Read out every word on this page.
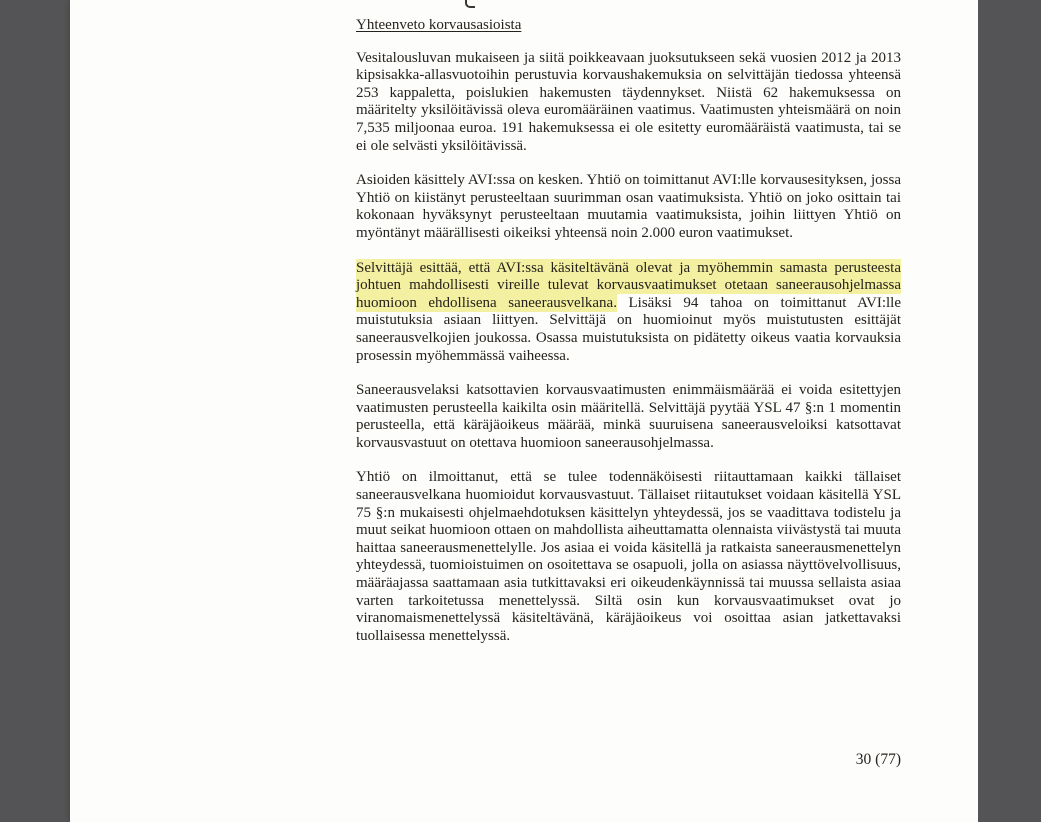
Yhteenveto korvausasioista

Vesitalousluvan mukaiseen ja siitä poikkeavaan juoksutukseen sekä vuosien 2012 ja 2013 kipsisakka-allasvuotoihin perustuvia korvaushakemuksia on selvittäjän tiedossa yhteensä 253 kappaletta, poislukien hakemusten täydennykset. Niistä 62 hakemuksessa on määritelty yksilöitävissä oleva euromääräinen vaatimus. Vaatimusten yhteismäärä on noin 7,535 miljoonaa euroa. 191 hakemuksessa ei ole esitetty euromääräistä vaatimusta, tai se ei ole selvästi yksilöitävissä.

Asioiden käsittely AVI:ssa on kesken. Yhtiö on toimittanut AVI:lle korvausesityksen, jossa Yhtiö on kiistänyt perusteeltaan suurimman osan vaatimuksista. Yhtiö on joko osittain tai kokonaan hyväksynyt perusteeltaan muutamia vaatimuksista, joihin liittyen Yhtiö on myöntänyt määrällisesti oikeiksi yhteensä noin 2.000 euron vaatimukset.

Selvittäjä esittää, että AVI:ssa käsiteltävänä olevat ja myöhemmin samasta perusteesta johtuen mahdollisesti vireille tulevat korvausvaatimukset otetaan saneerausohjelmassa huomioon ehdollisena saneerausvelkana. Lisäksi 94 tahoa on toimittanut AVI:lle muistutuksia asiaan liittyen. Selvittäjä on huomioinut myös muistutusten esittäjät saneerausvelkojien joukossa. Osassa muistutuksista on pidätetty oikeus vaatia korvauksia prosessin myöhemmässä vaiheessa.

Saneerausvelaksi katsottavien korvausvaatimusten enimmäismäärää ei voida esitettyjen vaatimusten perusteella kaikilta osin määritellä. Selvittäjä pyytää YSL 47 §:n 1 momentin perusteella, että käräjäoikeus määrää, minkä suuruisena saneerausveloiksi katsottavat korvausvastuut on otettava huomioon saneerausohjelmassa.

Yhtiö on ilmoittanut, että se tulee todennäköisesti riitauttamaan kaikki tällaiset saneerausvelkana huomioidut korvausvastuut. Tällaiset riitautukset voidaan käsitellä YSL 75 §:n mukaisesti ohjelmaehdotuksen käsittelyn yhteydessä, jos se vaadittava todistelu ja muut seikat huomioon ottaen on mahdollista aiheuttamatta olennaista viivästystä tai muuta haittaa saneerausmenettelylle. Jos asiaa ei voida käsitellä ja ratkaista saneerausmenettelyn yhteydessä, tuomioistuimen on osoitettava se osapuoli, jolla on asiassa näyttövelvollisuus, määräajassa saattamaan asia tutkittavaksi eri oikeudenkäynnissä tai muussa sellaista asiaa varten tarkoitetussa menettelyssä. Siltä osin kun korvausvaatimukset ovat jo viranomaismenettelyssä käsiteltävänä, käräjäoikeus voi osoittaa asian jatkettavaksi tuollaisessa menettelyssä.

30 (77)
